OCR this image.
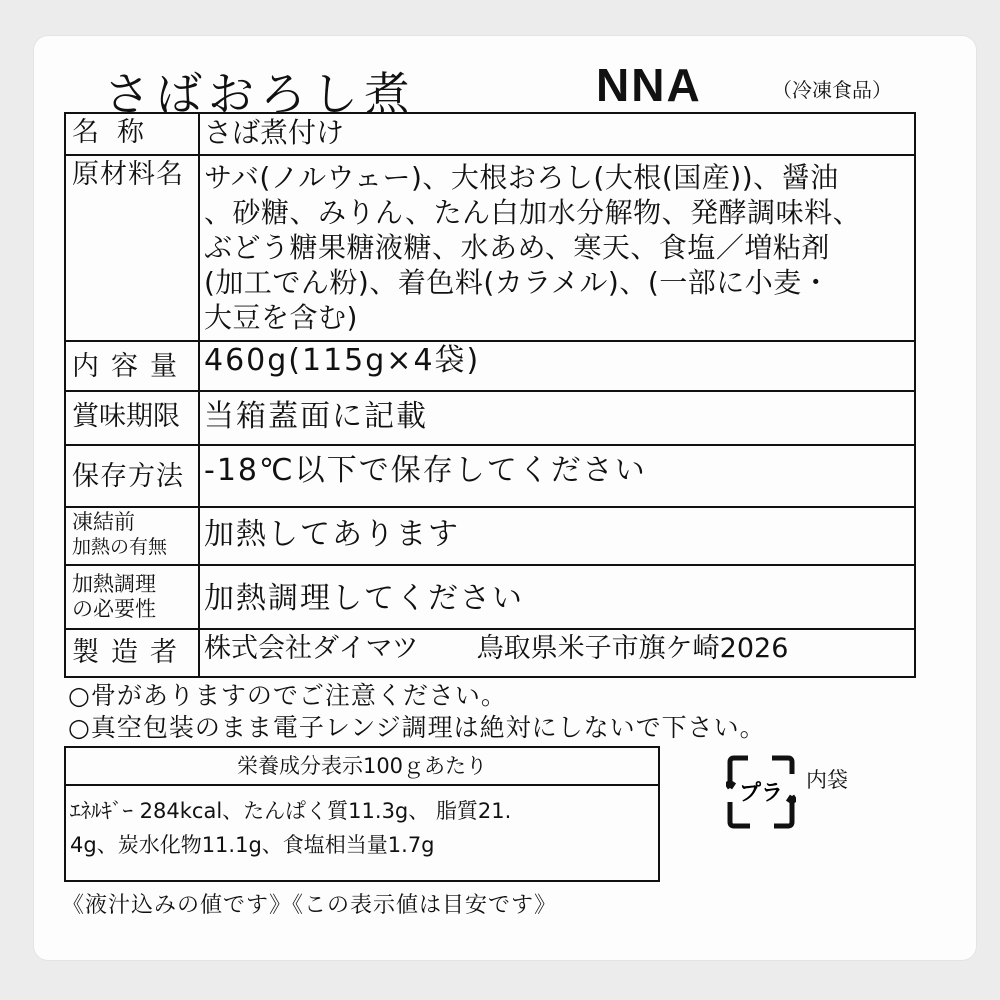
さばおろし煮	NNA	（冷凍食品）
名称	さば煮付け
原材料名 サバ(ノルウェー)、大根おろし(大根(国産))、醤油
、砂糖、みりん、たん白加水分解物、発酵調味料、
ぶどう糖果糖液糖、水あめ、寒天、食塩／増粘剤
(加工でん粉)、着色料(カラメル)、(一部に小麦・
大豆を含む)
内容量 460g(115g×4袋)
賞味期限 当箱蓋面に記載
保存方法 -18℃以下で保存してください
凍結前
加熱の有無	加熱してあります
加熱調理
の必要性	加熱調理してください
製造者 株式会社ダイマツ 鳥取県米子市旗ケ崎2026
○骨がありますのでご注意ください。
○真空包装のまま電子レンジ調理は絶対にしないで下さい。
栄養成分表示100ｇあたり
ｴﾈﾙｷﾞｰ 284kcal、たんぱく質11.3g、 脂質21.
4g、炭水化物11.1g、食塩相当量1.7g
プラ
内袋
《液汁込みの値です》《この表示値は目安です》
